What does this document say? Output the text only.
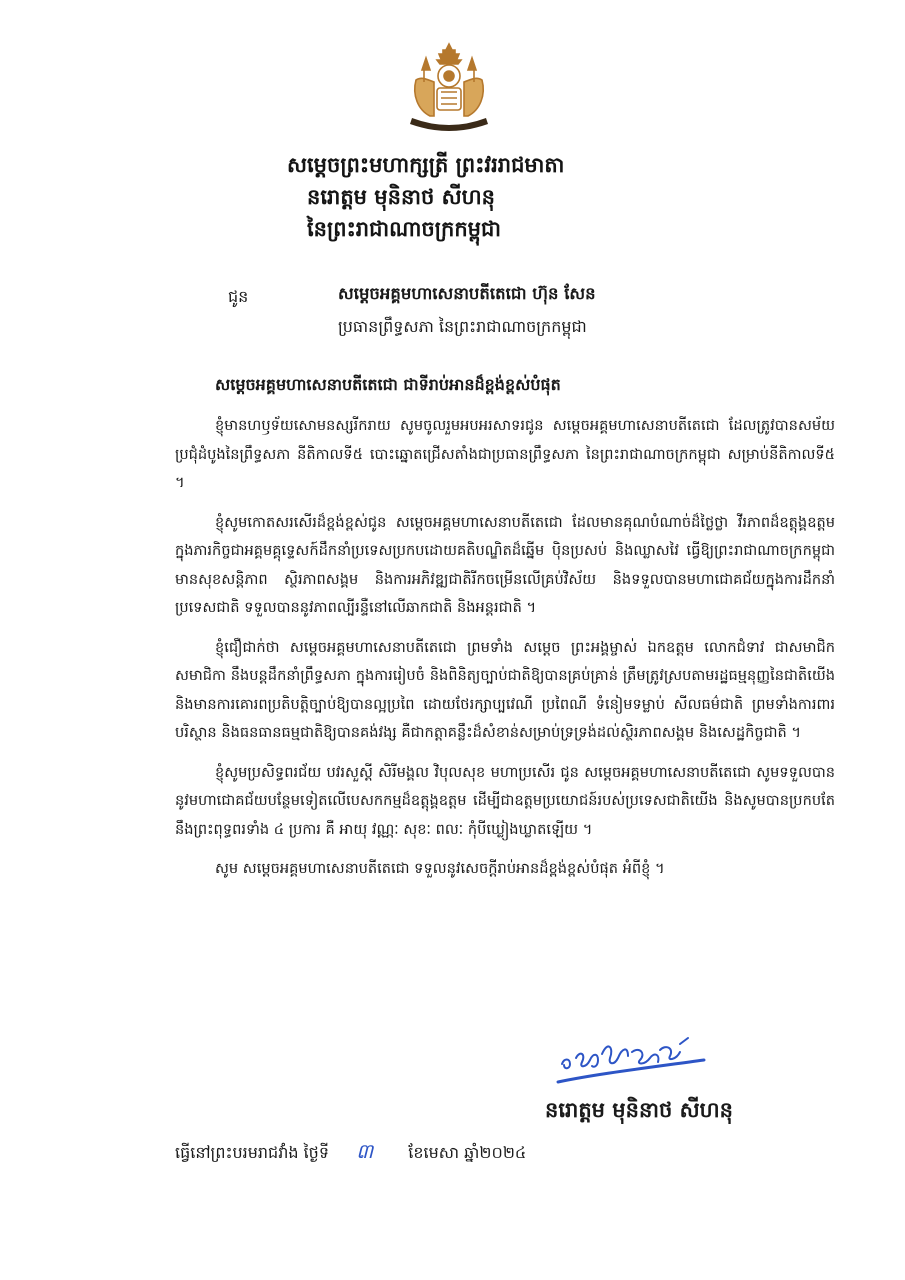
សម្តេចព្រះមហាក្សត្រី ព្រះវររាជមាតា
នរោត្តម មុនិនាថ សីហនុ
នៃព្រះរាជាណាចក្រកម្ពុជា
ជូន	សម្តេចអគ្គមហាសេនាបតីតេជោ ហ៊ុន សែន
ប្រធានព្រឹទ្ធសភា នៃព្រះរាជាណាចក្រកម្ពុជា
សម្តេចអគ្គមហាសេនាបតីតេជោ ជាទីរាប់អានដ៏ខ្ពង់ខ្ពស់បំផុត

ខ្ញុំមានហឫទ័យសោមនស្សរីករាយ សូមចូលរួមអបអរសាទរជូន សម្តេចអគ្គមហាសេនាបតីតេជោ ដែលត្រូវបានសម័យប្រជុំដំបូងនៃព្រឹទ្ធសភា នីតិកាលទី៥ បោះឆ្នោតជ្រើសតាំងជាប្រធានព្រឹទ្ធសភា នៃព្រះរាជាណាចក្រកម្ពុជា សម្រាប់នីតិកាលទី៥ ។

ខ្ញុំសូមកោតសរសើរដ៏ខ្ពង់ខ្ពស់ជូន សម្តេចអគ្គមហាសេនាបតីតេជោ ដែលមានគុណបំណាច់ដ៏ថ្លៃថ្លា វីរភាពដ៏ឧត្តុង្គឧត្តម ក្នុងភារកិច្ចជាអគ្គមគ្គុទ្ទេសក៍ដឹកនាំប្រទេសប្រកបដោយគតិបណ្ឌិតដ៏ឆ្នើម ប៉ិនប្រសប់ និងឈ្លាសវៃ ធ្វើឱ្យព្រះរាជាណាចក្រកម្ពុជា មានសុខសន្តិភាព ស្ថិរភាពសង្គម និងការអភិវឌ្ឍជាតិរីកចម្រើនលើគ្រប់វិស័យ និងទទួលបានមហាជោគជ័យក្នុងការដឹកនាំប្រទេសជាតិ ទទួលបាននូវភាពល្បីរន្ទឺនៅលើឆាកជាតិ និងអន្តរជាតិ ។

ខ្ញុំជឿជាក់ថា សម្តេចអគ្គមហាសេនាបតីតេជោ ព្រមទាំង សម្តេច ព្រះអង្គម្ចាស់ ឯកឧត្តម លោកជំទាវ ជាសមាជិក សមាជិកា នឹងបន្តដឹកនាំព្រឹទ្ធសភា ក្នុងការរៀបចំ និងពិនិត្យច្បាប់ជាតិឱ្យបានគ្រប់គ្រាន់ ត្រឹមត្រូវស្របតាមរដ្ឋធម្មនុញ្ញនៃជាតិយើង និងមានការគោរពប្រតិបត្តិច្បាប់ឱ្យបានល្អប្រពៃ ដោយថែរក្សាប្បវេណី ប្រពៃណី ទំនៀមទម្លាប់ សីលធម៌ជាតិ ព្រមទាំងការពារបរិស្ថាន និងធនធានធម្មជាតិឱ្យបានគង់វង្ស គឺជាកត្តាគន្លឹះដ៏សំខាន់សម្រាប់ទ្រទ្រង់ដល់ស្ថិរភាពសង្គម និងសេដ្ឋកិច្ចជាតិ ។

ខ្ញុំសូមប្រសិទ្ធពរជ័យ បវរសួស្តី សិរីមង្គល វិបុលសុខ មហាប្រសើរ ជូន សម្តេចអគ្គមហាសេនាបតីតេជោ សូមទទួលបាននូវមហាជោគជ័យបន្ថែមទៀតលើបេសកកម្មដ៏ឧត្តុង្គឧត្តម ដើម្បីជាឧត្តមប្រយោជន៍របស់ប្រទេសជាតិយើង និងសូមបានប្រកបតែនឹងព្រះពុទ្ធពរទាំង ៤ ប្រការ គឺ អាយុ វណ្ណៈ សុខៈ ពលៈ កុំបីឃ្លៀងឃ្លាតឡើយ ។

សូម សម្តេចអគ្គមហាសេនាបតីតេជោ ទទួលនូវសេចក្តីរាប់អានដ៏ខ្ពង់ខ្ពស់បំផុត អំពីខ្ញុំ ។

នរោត្តម មុនិនាថ សីហនុ
ធ្វើនៅព្រះបរមរាជវាំង ថ្ងៃទី ៣ ខែមេសា ឆ្នាំ២០២៤
